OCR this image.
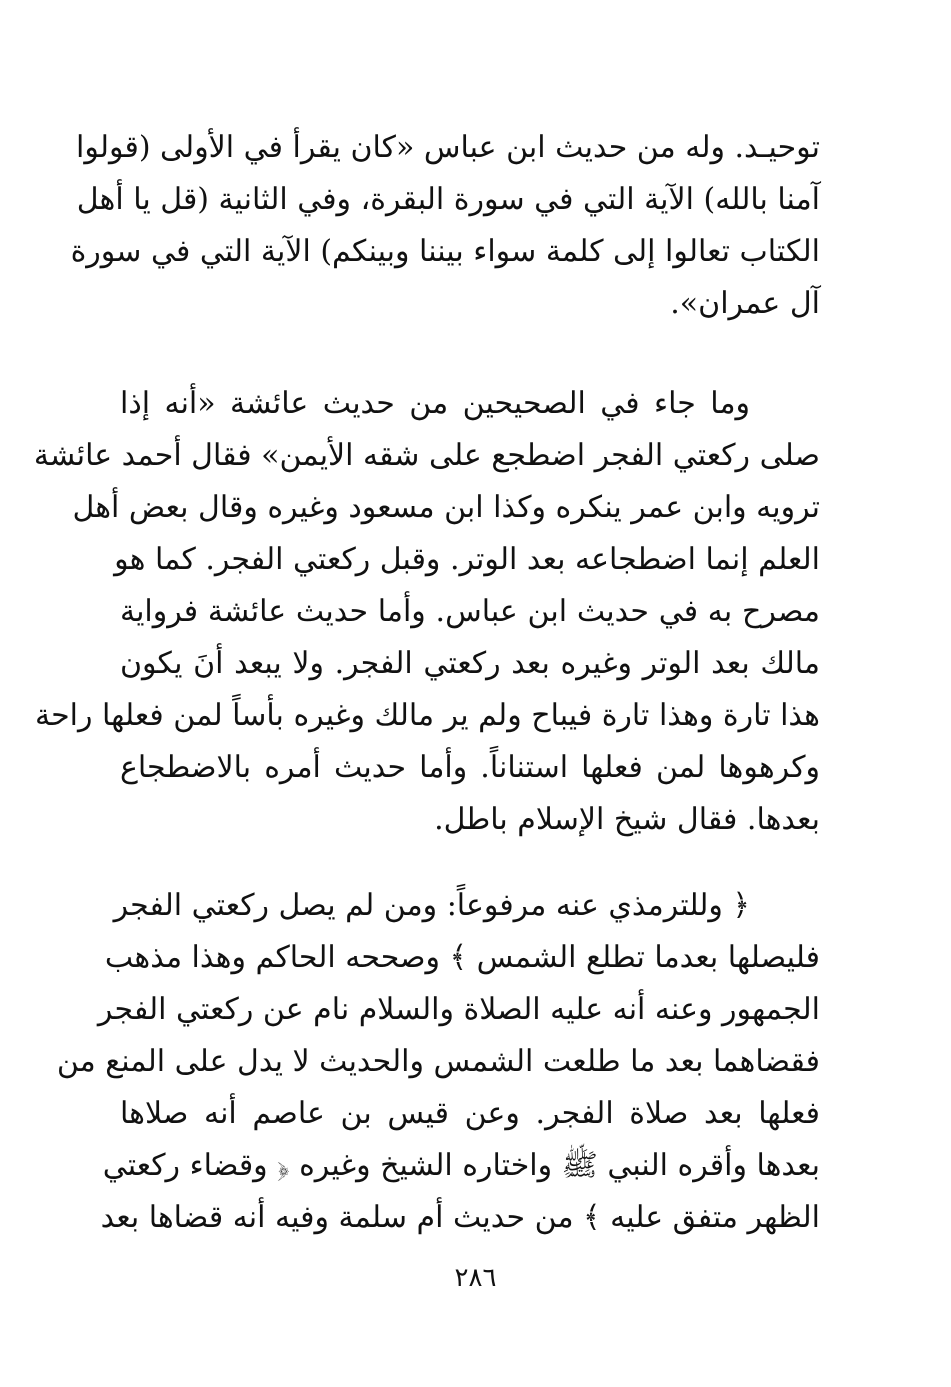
توحيـد. وله من حديث ابن عباس «كان يقرأ في الأولى (قولوا
آمنا بالله) الآية التي في سورة البقرة، وفي الثانية (قل يا أهل
الكتاب تعالوا إلى كلمة سواء بيننا وبينكم) الآية التي في سورة
آل عمران».
وما جاء في الصحيحين من حديث عائشة «أنه إذا
صلى ركعتي الفجر اضطجع على شقه الأيمن» فقال أحمد عائشة
ترويه وابن عمر ينكره وكذا ابن مسعود وغيره وقال بعض أهل
العلم إنما اضطجاعه بعد الوتر. وقبل ركعتي الفجر. كما هو
مصرح به في حديث ابن عباس. وأما حديث عائشة فرواية
مالك بعد الوتر وغيره بعد ركعتي الفجر. ولا يبعد أنَ يكون
هذا تارة وهذا تارة فيباح ولم ير مالك وغيره بأساً لمن فعلها راحة
وكرهوها لمن فعلها استناناً. وأما حديث أمره بالاضطجاع
بعدها. فقال شيخ الإسلام باطل.
﴿ وللترمذي عنه مرفوعاً: ومن لم يصل ركعتي الفجر
فليصلها بعدما تطلع الشمس ﴾ وصححه الحاكم وهذا مذهب
الجمهور وعنه أنه عليه الصلاة والسلام نام عن ركعتي الفجر
فقضاهما بعد ما طلعت الشمس والحديث لا يدل على المنع من
فعلها بعد صلاة الفجر. وعن قيس بن عاصم أنه صلاها
بعدها وأقره النبي ﷺ واختاره الشيخ وغيره ﴿ وقضاء ركعتي
الظهر متفق عليه ﴾ من حديث أم سلمة وفيه أنه قضاها بعد
٢٨٦
